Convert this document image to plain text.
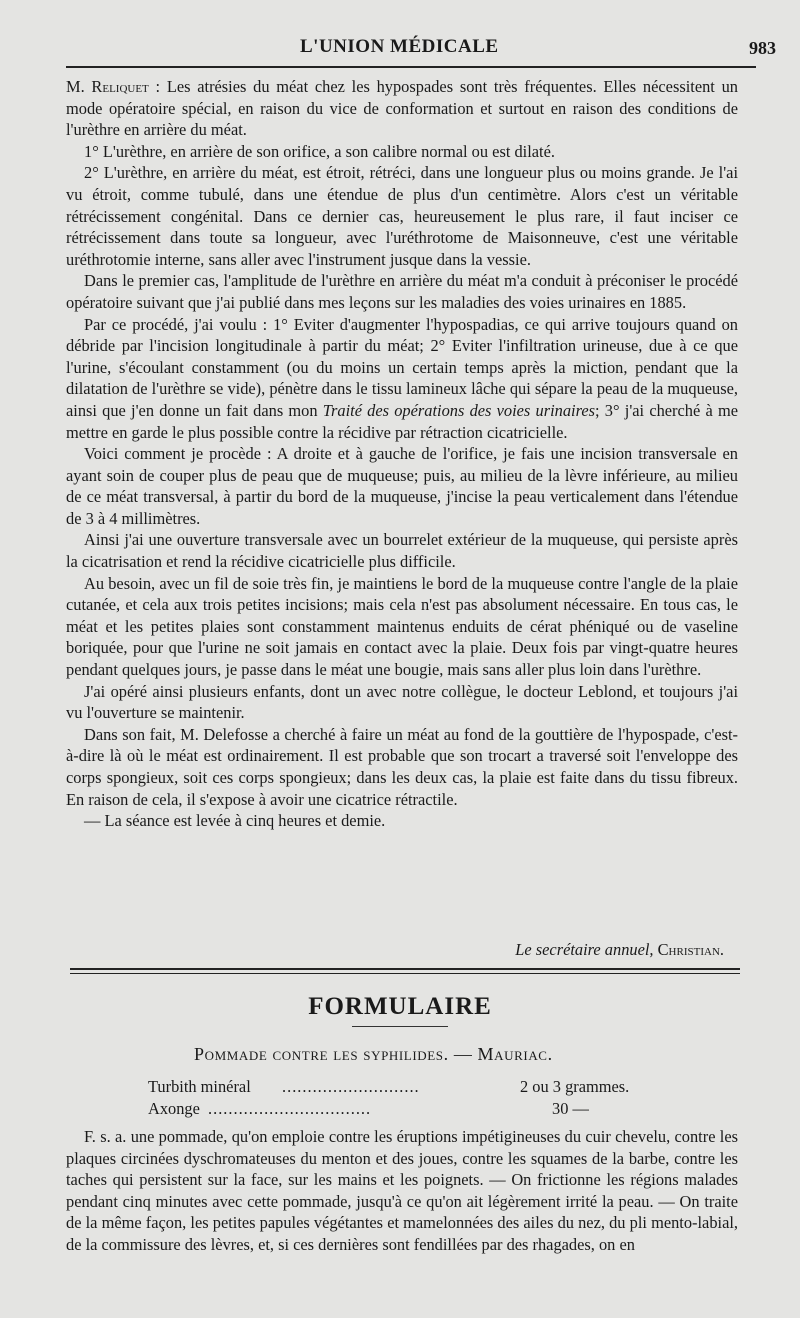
L'UNION MÉDICALE	983

M. Reliquet : Les atrésies du méat chez les hypospades sont très fréquentes. Elles nécessitent un mode opératoire spécial, en raison du vice de conformation et surtout en raison des conditions de l'urèthre en arrière du méat.

1° L'urèthre, en arrière de son orifice, a son calibre normal ou est dilaté.

2° L'urèthre, en arrière du méat, est étroit, rétréci, dans une longueur plus ou moins grande. Je l'ai vu étroit, comme tubulé, dans une étendue de plus d'un centimètre. Alors c'est un véritable rétrécissement congénital. Dans ce dernier cas, heureusement le plus rare, il faut inciser ce rétrécissement dans toute sa longueur, avec l'uréthrotome de Maisonneuve, c'est une véritable uréthrotomie interne, sans aller avec l'instrument jusque dans la vessie.

Dans le premier cas, l'amplitude de l'urèthre en arrière du méat m'a conduit à préconiser le procédé opératoire suivant que j'ai publié dans mes leçons sur les maladies des voies urinaires en 1885.

Par ce procédé, j'ai voulu : 1° Eviter d'augmenter l'hypospadias, ce qui arrive toujours quand on débride par l'incision longitudinale à partir du méat; 2° Eviter l'infiltration urineuse, due à ce que l'urine, s'écoulant constamment (ou du moins un certain temps après la miction, pendant que la dilatation de l'urèthre se vide), pénètre dans le tissu lamineux lâche qui sépare la peau de la muqueuse, ainsi que j'en donne un fait dans mon Traité des opérations des voies urinaires; 3° j'ai cherché à me mettre en garde le plus possible contre la récidive par rétraction cicatricielle.

Voici comment je procède : A droite et à gauche de l'orifice, je fais une incision transversale en ayant soin de couper plus de peau que de muqueuse; puis, au milieu de la lèvre inférieure, au milieu de ce méat transversal, à partir du bord de la muqueuse, j'incise la peau verticalement dans l'étendue de 3 à 4 millimètres.

Ainsi j'ai une ouverture transversale avec un bourrelet extérieur de la muqueuse, qui persiste après la cicatrisation et rend la récidive cicatricielle plus difficile.

Au besoin, avec un fil de soie très fin, je maintiens le bord de la muqueuse contre l'angle de la plaie cutanée, et cela aux trois petites incisions; mais cela n'est pas absolument nécessaire. En tous cas, le méat et les petites plaies sont constamment maintenus enduits de cérat phéniqué ou de vaseline boriquée, pour que l'urine ne soit jamais en contact avec la plaie. Deux fois par vingt-quatre heures pendant quelques jours, je passe dans le méat une bougie, mais sans aller plus loin dans l'urèthre.

J'ai opéré ainsi plusieurs enfants, dont un avec notre collègue, le docteur Leblond, et toujours j'ai vu l'ouverture se maintenir.

Dans son fait, M. Delefosse a cherché à faire un méat au fond de la gouttière de l'hypospade, c'est-à-dire là où le méat est ordinairement. Il est probable que son trocart a traversé soit l'enveloppe des corps spongieux, soit ces corps spongieux; dans les deux cas, la plaie est faite dans du tissu fibreux. En raison de cela, il s'expose à avoir une cicatrice rétractile.

— La séance est levée à cinq heures et demie.

Le secrétaire annuel, Christian.
FORMULAIRE
Pommade contre les syphilides. — Mauriac.
Turbith minéral ...........................	2 ou 3 grammes.
Axonge ................................	30 —

F. s. a. une pommade, qu'on emploie contre les éruptions impétigineuses du cuir chevelu, contre les plaques circinées dyschromateuses du menton et des joues, contre les squames de la barbe, contre les taches qui persistent sur la face, sur les mains et les poignets. — On frictionne les régions malades pendant cinq minutes avec cette pommade, jusqu'à ce qu'on ait légèrement irrité la peau. — On traite de la même façon, les petites papules végétantes et mamelonnées des ailes du nez, du pli mento-labial, de la commissure des lèvres, et, si ces dernières sont fendillées par des rhagades, on en
